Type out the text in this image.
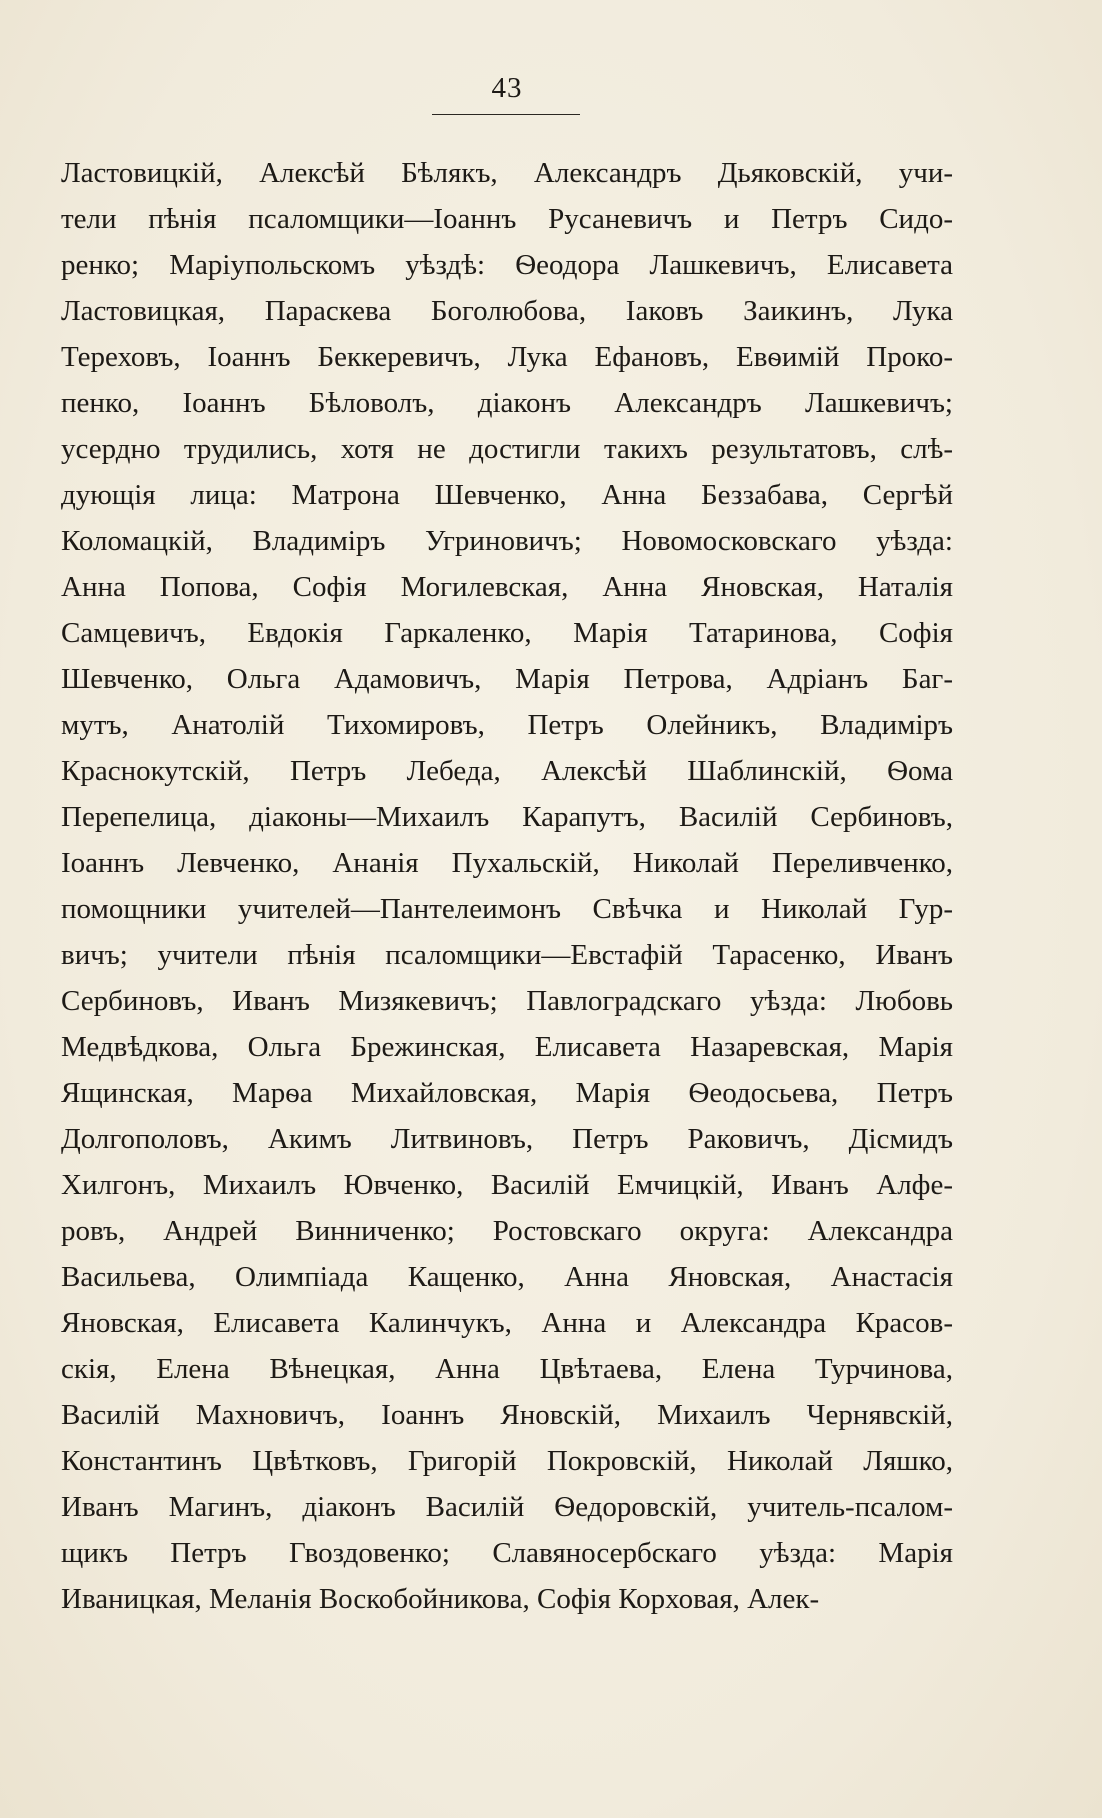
43
Ластовицкій, Алексѣй Бѣлякъ, Александръ Дьяковскій, учи-
тели пѣнія псаломщики—Іоаннъ Русаневичъ и Петръ Сидо-
ренко; Маріупольскомъ уѣздѣ: Ѳеодора Лашкевичъ, Елисавета
Ластовицкая, Параскева Боголюбова, Іаковъ Заикинъ, Лука
Тереховъ, Іоаннъ Беккеревичъ, Лука Ефановъ, Евѳимій Проко-
пенко, Іоаннъ Бѣловолъ, діаконъ Александръ Лашкевичъ;
усердно трудились, хотя не достигли такихъ результатовъ, слѣ-
дующія лица: Матрона Шевченко, Анна Беззабава, Сергѣй
Коломацкій, Владиміръ Угриновичъ; Новомосковскаго уѣзда:
Анна Попова, Софія Могилевская, Анна Яновская, Наталія
Самцевичъ, Евдокія Гаркаленко, Марія Татаринова, Софія
Шевченко, Ольга Адамовичъ, Марія Петрова, Адріанъ Баг-
мутъ, Анатолій Тихомировъ, Петръ Олейникъ, Владиміръ
Краснокутскій, Петръ Лебеда, Алексѣй Шаблинскій, Ѳома
Перепелица, діаконы—Михаилъ Карапутъ, Василій Сербиновъ,
Іоаннъ Левченко, Ананія Пухальскій, Николай Переливченко,
помощники учителей—Пантелеимонъ Свѣчка и Николай Гур-
вичъ; учители пѣнія псаломщики—Евстафій Тарасенко, Иванъ
Сербиновъ, Иванъ Мизякевичъ; Павлоградскаго уѣзда: Любовь
Медвѣдкова, Ольга Брежинская, Елисавета Назаревская, Марія
Ящинская, Марѳа Михайловская, Марія Ѳеодосьева, Петръ
Долгополовъ, Акимъ Литвиновъ, Петръ Раковичъ, Дісмидъ
Хилгонъ, Михаилъ Ювченко, Василій Емчицкій, Иванъ Алфе-
ровъ, Андрей Винниченко; Ростовскаго округа: Александра
Васильева, Олимпіада Кащенко, Анна Яновская, Анастасія
Яновская, Елисавета Калинчукъ, Анна и Александра Красов-
скія, Елена Вѣнецкая, Анна Цвѣтаева, Елена Турчинова,
Василій Махновичъ, Іоаннъ Яновскій, Михаилъ Чернявскій,
Константинъ Цвѣтковъ, Григорій Покровскій, Николай Ляшко,
Иванъ Магинъ, діаконъ Василій Ѳедоровскій, учитель-псалом-
щикъ Петръ Гвоздовенко; Славяносербскаго уѣзда: Марія
Иваницкая, Меланія Воскобойникова, Софія Корховая, Алек-
